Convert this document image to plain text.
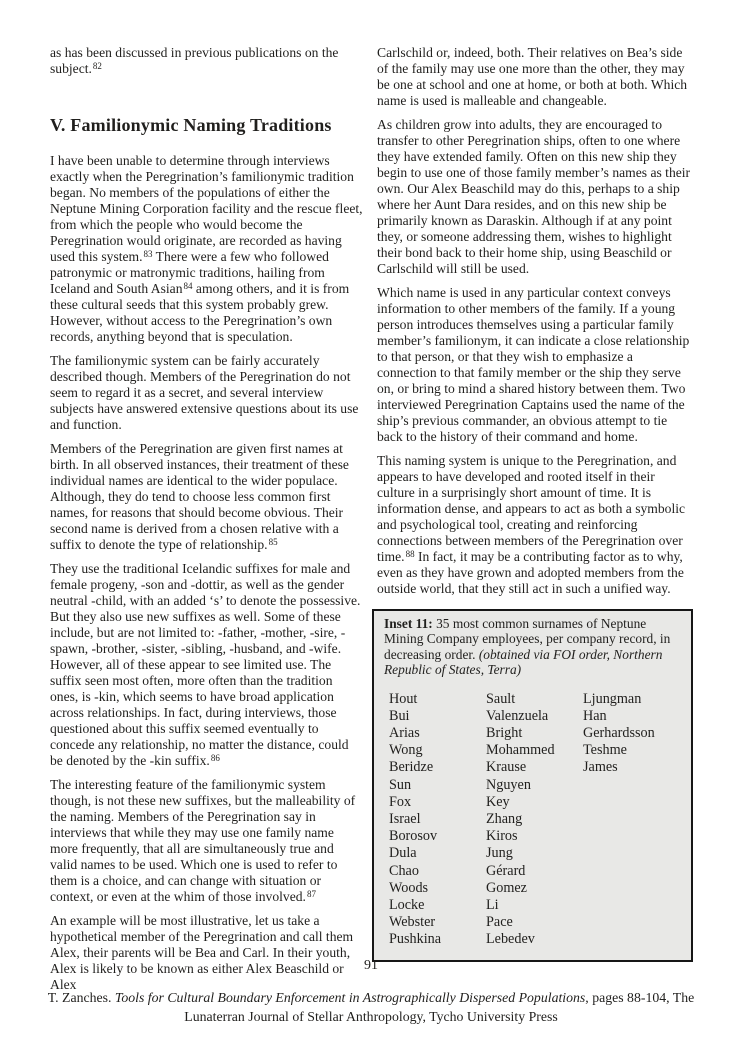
as has been discussed in previous publications on the subject.$^{82}$

V. Familionymic Naming Traditions

I have been unable to determine through interviews exactly when the Peregrination’s familionymic tradition began. No members of the populations of either the Neptune Mining Corporation facility and the rescue fleet, from which the people who would become the Peregrination would originate, are recorded as having used this system.$^{83}$ There were a few who followed patronymic or matronymic traditions, hailing from Iceland and South Asian$^{84}$ among others, and it is from these cultural seeds that this system probably grew. However, without access to the Peregrination’s own records, anything beyond that is speculation.

The familionymic system can be fairly accurately described though. Members of the Peregrination do not seem to regard it as a secret, and several interview subjects have answered extensive questions about its use and function.

Members of the Peregrination are given first names at birth. In all observed instances, their treatment of these individual names are identical to the wider populace. Although, they do tend to choose less common first names, for reasons that should become obvious. Their second name is derived from a chosen relative with a suffix to denote the type of relationship.$^{85}$

They use the traditional Icelandic suffixes for male and female progeny, -son and -dottir, as well as the gender neutral -child, with an added ‘s’ to denote the possessive. But they also use new suffixes as well. Some of these include, but are not limited to: -father, -mother, -sire, -spawn, -brother, -sister, -sibling, -husband, and -wife. However, all of these appear to see limited use. The suffix seen most often, more often than the tradition ones, is -kin, which seems to have broad application across relationships. In fact, during interviews, those questioned about this suffix seemed eventually to concede any relationship, no matter the distance, could be denoted by the -kin suffix.$^{86}$

The interesting feature of the familionymic system though, is not these new suffixes, but the malleability of the naming. Members of the Peregrination say in interviews that while they may use one family name more frequently, that all are simultaneously true and valid names to be used. Which one is used to refer to them is a choice, and can change with situation or context, or even at the whim of those involved.$^{87}$

An example will be most illustrative, let us take a hypothetical member of the Peregrination and call them Alex, their parents will be Bea and Carl. In their youth, Alex is likely to be known as either Alex Beaschild or Alex

Carlschild or, indeed, both. Their relatives on Bea’s side of the family may use one more than the other, they may be one at school and one at home, or both at both. Which name is used is malleable and changeable.

As children grow into adults, they are encouraged to transfer to other Peregrination ships, often to one where they have extended family. Often on this new ship they begin to use one of those family member’s names as their own. Our Alex Beaschild may do this, perhaps to a ship where her Aunt Dara resides, and on this new ship be primarily known as Daraskin. Although if at any point they, or someone addressing them, wishes to highlight their bond back to their home ship, using Beaschild or Carlschild will still be used.

Which name is used in any particular context conveys information to other members of the family. If a young person introduces themselves using a particular family member’s familionym, it can indicate a close relationship to that person, or that they wish to emphasize a connection to that family member or the ship they serve on, or bring to mind a shared history between them. Two interviewed Peregrination Captains used the name of the ship’s previous commander, an obvious attempt to tie back to the history of their command and home.

This naming system is unique to the Peregrination, and appears to have developed and rooted itself in their culture in a surprisingly short amount of time. It is information dense, and appears to act as both a symbolic and psychological tool, creating and reinforcing connections between members of the Peregrination over time.$^{88}$ In fact, it may be a contributing factor as to why, even as they have grown and adopted members from the outside world, that they still act in such a unified way.

Inset 11: 35 most common surnames of Neptune Mining Company employees, per company record, in decreasing order. (obtained via FOI order, Northern Republic of States, Terra)

Hout
Bui
Arias
Wong
Beridze
Sun
Fox
Israel
Borosov
Dula
Chao
Woods
Locke
Webster
Pushkina
Sault
Valenzuela
Bright
Mohammed
Krause
Nguyen
Key
Zhang
Kiros
Jung
Gérard
Gomez
Li
Pace
Lebedev
Ljungman
Han
Gerhardsson
Teshme
James
91
T. Zanches. Tools for Cultural Boundary Enforcement in Astrographically Dispersed Populations, pages 88-104, The Lunaterran Journal of Stellar Anthropology, Tycho University Press
